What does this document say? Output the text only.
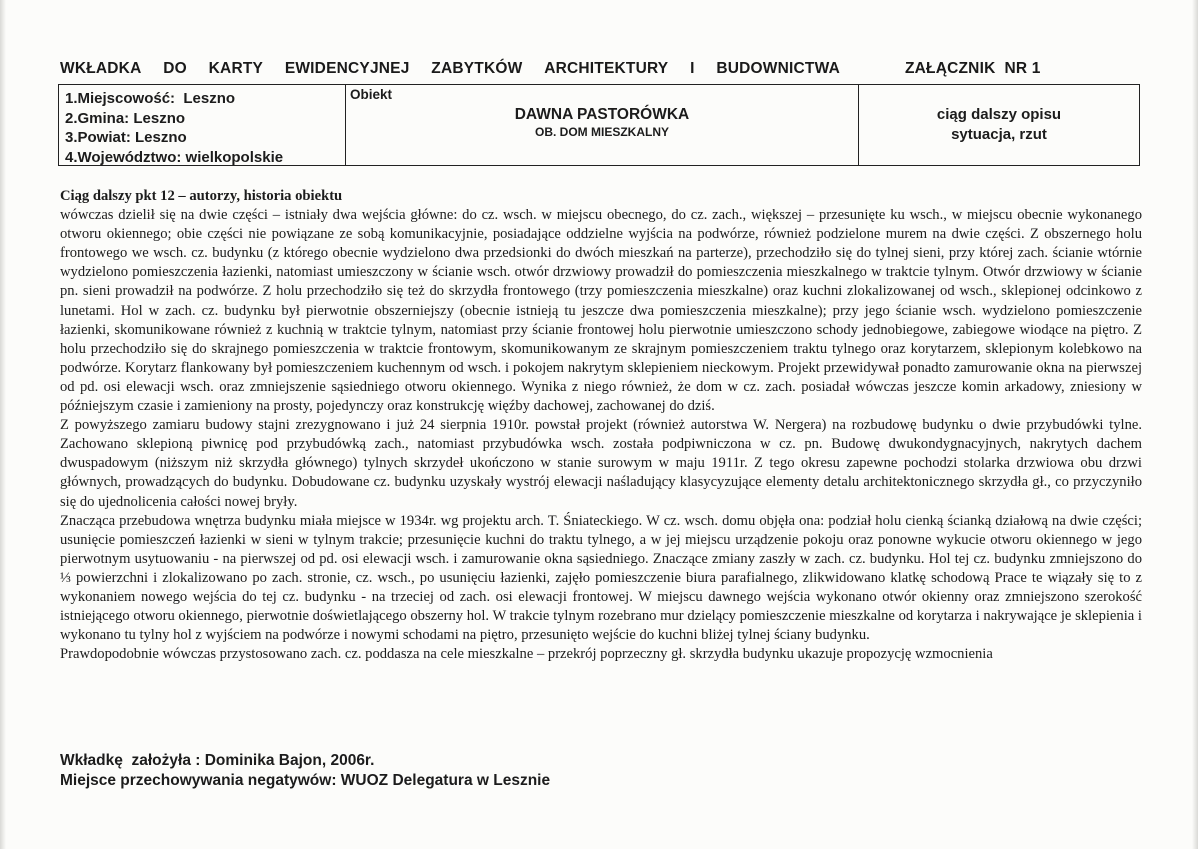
WKŁADKA DO KARTY EWIDENCYJNEJ ZABYTKÓW ARCHITEKTURY I BUDOWNICTWA	ZAŁĄCZNIK  NR 1
1.Miejscowość:  Leszno
2.Gmina: Leszno
3.Powiat: Leszno
4.Województwo: wielkopolskie
Obiekt
DAWNA PASTORÓWKA
OB. DOM MIESZKALNY
ciąg dalszy opisu
sytuacja, rzut

Ciąg dalszy pkt 12 – autorzy, historia obiektu

wówczas dzielił się na dwie części – istniały dwa wejścia główne: do cz. wsch. w miejscu obecnego, do cz. zach., większej – przesunięte ku wsch., w miejscu obecnie wykonanego otworu okiennego; obie części nie powiązane ze sobą komunikacyjnie, posiadające oddzielne wyjścia na podwórze, również podzielone murem na dwie części. Z obszernego holu frontowego we wsch. cz. budynku (z którego obecnie wydzielono dwa przedsionki do dwóch mieszkań na parterze), przechodziło się do tylnej sieni, przy której zach. ścianie wtórnie wydzielono pomieszczenia łazienki, natomiast umieszczony w ścianie wsch. otwór drzwiowy prowadził do pomieszczenia mieszkalnego w traktcie tylnym. Otwór drzwiowy w ścianie pn. sieni prowadził na podwórze. Z holu przechodziło się też do skrzydła frontowego (trzy pomieszczenia mieszkalne) oraz kuchni zlokalizowanej od wsch., sklepionej odcinkowo z lunetami. Hol w zach. cz. budynku był pierwotnie obszerniejszy (obecnie istnieją tu jeszcze dwa pomieszczenia mieszkalne); przy jego ścianie wsch. wydzielono pomieszczenie łazienki, skomunikowane również z kuchnią w traktcie tylnym, natomiast przy ścianie frontowej holu pierwotnie umieszczono schody jednobiegowe, zabiegowe wiodące na piętro. Z holu przechodziło się do skrajnego pomieszczenia w traktcie frontowym, skomunikowanym ze skrajnym pomieszczeniem traktu tylnego oraz korytarzem, sklepionym kolebkowo na podwórze. Korytarz flankowany był pomieszczeniem kuchennym od wsch. i pokojem nakrytym sklepieniem nieckowym. Projekt przewidywał ponadto zamurowanie okna na pierwszej od pd. osi elewacji wsch. oraz zmniejszenie sąsiedniego otworu okiennego. Wynika z niego również, że dom w cz. zach. posiadał wówczas jeszcze komin arkadowy, zniesiony w późniejszym czasie i zamieniony na prosty, pojedynczy oraz konstrukcję więźby dachowej, zachowanej do dziś.

Z powyższego zamiaru budowy stajni zrezygnowano i już 24 sierpnia 1910r. powstał projekt (również autorstwa W. Nergera) na rozbudowę budynku o dwie przybudówki tylne. Zachowano sklepioną piwnicę pod przybudówką zach., natomiast przybudówka wsch. została podpiwniczona w cz. pn. Budowę dwukondygnacyjnych, nakrytych dachem dwuspadowym (niższym niż skrzydła głównego) tylnych skrzydeł ukończono w stanie surowym w maju 1911r. Z tego okresu zapewne pochodzi stolarka drzwiowa obu drzwi głównych, prowadzących do budynku. Dobudowane cz. budynku uzyskały wystrój elewacji naśladujący klasycyzujące elementy detalu architektonicznego skrzydła gł., co przyczyniło się do ujednolicenia całości nowej bryły.

Znacząca przebudowa wnętrza budynku miała miejsce w 1934r. wg projektu arch. T. Śniateckiego. W cz. wsch. domu objęła ona: podział holu cienką ścianką działową na dwie części; usunięcie pomieszczeń łazienki w sieni w tylnym trakcie; przesunięcie kuchni do traktu tylnego, a w jej miejscu urządzenie pokoju oraz ponowne wykucie otworu okiennego w jego pierwotnym usytuowaniu - na pierwszej od pd. osi elewacji wsch. i zamurowanie okna sąsiedniego. Znaczące zmiany zaszły w zach. cz. budynku. Hol tej cz. budynku zmniejszono do ⅓ powierzchni i zlokalizowano po zach. stronie, cz. wsch., po usunięciu łazienki, zajęło pomieszczenie biura parafialnego, zlikwidowano klatkę schodową Prace te wiązały się to z wykonaniem nowego wejścia do tej cz. budynku - na trzeciej od zach. osi elewacji frontowej. W miejscu dawnego wejścia wykonano otwór okienny oraz zmniejszono szerokość istniejącego otworu okiennego, pierwotnie doświetlającego obszerny hol. W trakcie tylnym rozebrano mur dzielący pomieszczenie mieszkalne od korytarza i nakrywające je sklepienia i wykonano tu tylny hol z wyjściem na podwórze i nowymi schodami na piętro, przesunięto wejście do kuchni bliżej tylnej ściany budynku.

Prawdopodobnie wówczas przystosowano zach. cz. poddasza na cele mieszkalne – przekrój poprzeczny gł. skrzydła budynku ukazuje propozycję wzmocnienia

Wkładkę  założyła : Dominika Bajon, 2006r.
Miejsce przechowywania negatywów: WUOZ Delegatura w Lesznie
